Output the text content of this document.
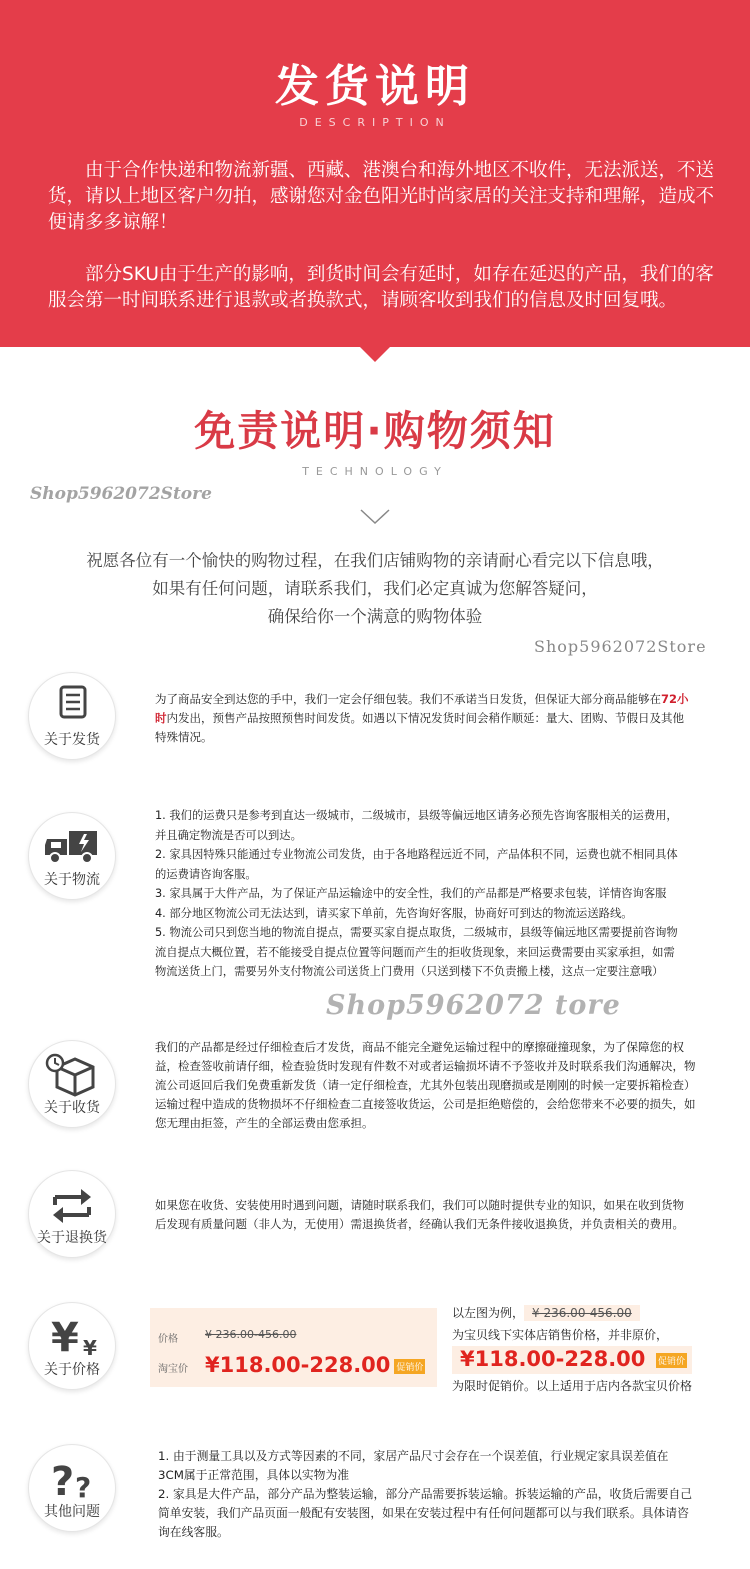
发货说明
DESCRIPTION

由于合作快递和物流新疆、西藏、港澳台和海外地区不收件，无法派送，不送货，请以上地区客户勿拍，感谢您对金色阳光时尚家居的关注支持和理解，造成不便请多多谅解！

部分SKU由于生产的影响，到货时间会有延时，如存在延迟的产品，我们的客服会第一时间联系进行退款或者换款式，请顾客收到我们的信息及时回复哦。

免责说明·购物须知
TECHNOLOGY
Shop5962072Store
祝愿各位有一个愉快的购物过程，在我们店铺购物的亲请耐心看完以下信息哦，
如果有任何问题，请联系我们，我们必定真诚为您解答疑问，
确保给你一个满意的购物体验
Shop5962072Store
关于发货

为了商品安全到达您的手中，我们一定会仔细包装。我们不承诺当日发货，但保证大部分商品能够在72小
时内发出，预售产品按照预售时间发货。如遇以下情况发货时间会稍作顺延：量大、团购、节假日及其他特殊情况。

关于物流
1. 我们的运费只是参考到直达一级城市，二级城市，县级等偏远地区请务必预先咨询客服相关的运费用，并且确定物流是否可以到达。
2. 家具因特殊只能通过专业物流公司发货，由于各地路程远近不同，产品体积不同，运费也就不相同具体的运费请咨询客服。
3. 家具属于大件产品，为了保证产品运输途中的安全性，我们的产品都是严格要求包装，详情咨询客服
4. 部分地区物流公司无法达到，请买家下单前，先咨询好客服，协商好可到达的物流运送路线。
5. 物流公司只到您当地的物流自提点，需要买家自提点取货，二级城市，县级等偏远地区需要提前咨询物流自提点大概位置，若不能接受自提点位置等问题而产生的拒收货现象，来回运费需要由买家承担，如需物流送货上门，需要另外支付物流公司送货上门费用（只送到楼下不负责搬上楼，这点一定要注意哦）
Shop5962072 tore
关于收货

我们的产品都是经过仔细检查后才发货，商品不能完全避免运输过程中的摩擦碰撞现象，为了保障您的权益，检查签收前请仔细，检查验货时发现有件数不对或者运输损坏请不予签收并及时联系我们沟通解决，物流公司返回后我们免费重新发货（请一定仔细检查，尤其外包装出现磨损或是刚刚的时候一定要拆箱检查）运输过程中造成的货物损坏不仔细检查二直接签收货运，公司是拒绝赔偿的，会给您带来不必要的损失，如您无理由拒签，产生的全部运费由您承担。

关于退换货

如果您在收货、安装使用时遇到问题，请随时联系我们，我们可以随时提供专业的知识，如果在收到货物后发现有质量问题（非人为，无使用）需退换货者，经确认我们无条件接收退换货，并负责相关的费用。

¥ ¥
关于价格
价格 ¥ 236.00-456.00
淘宝价 ¥118.00-228.00 促销价
以左图为例， ¥ 236.00-456.00
为宝贝线下实体店销售价格，并非原价，
¥118.00-228.00 促销价
为限时促销价。以上适用于店内各款宝贝价格
? ?
其他问题
1. 由于测量工具以及方式等因素的不同，家居产品尺寸会存在一个误差值，行业规定家具误差值在 3CM属于正常范围，具体以实物为准
2. 家具是大件产品，部分产品为整装运输，部分产品需要拆装运输。拆装运输的产品，收货后需要自己简单安装，我们产品页面一般配有安装图，如果在安装过程中有任何问题都可以与我们联系。具体请咨询在线客服。
